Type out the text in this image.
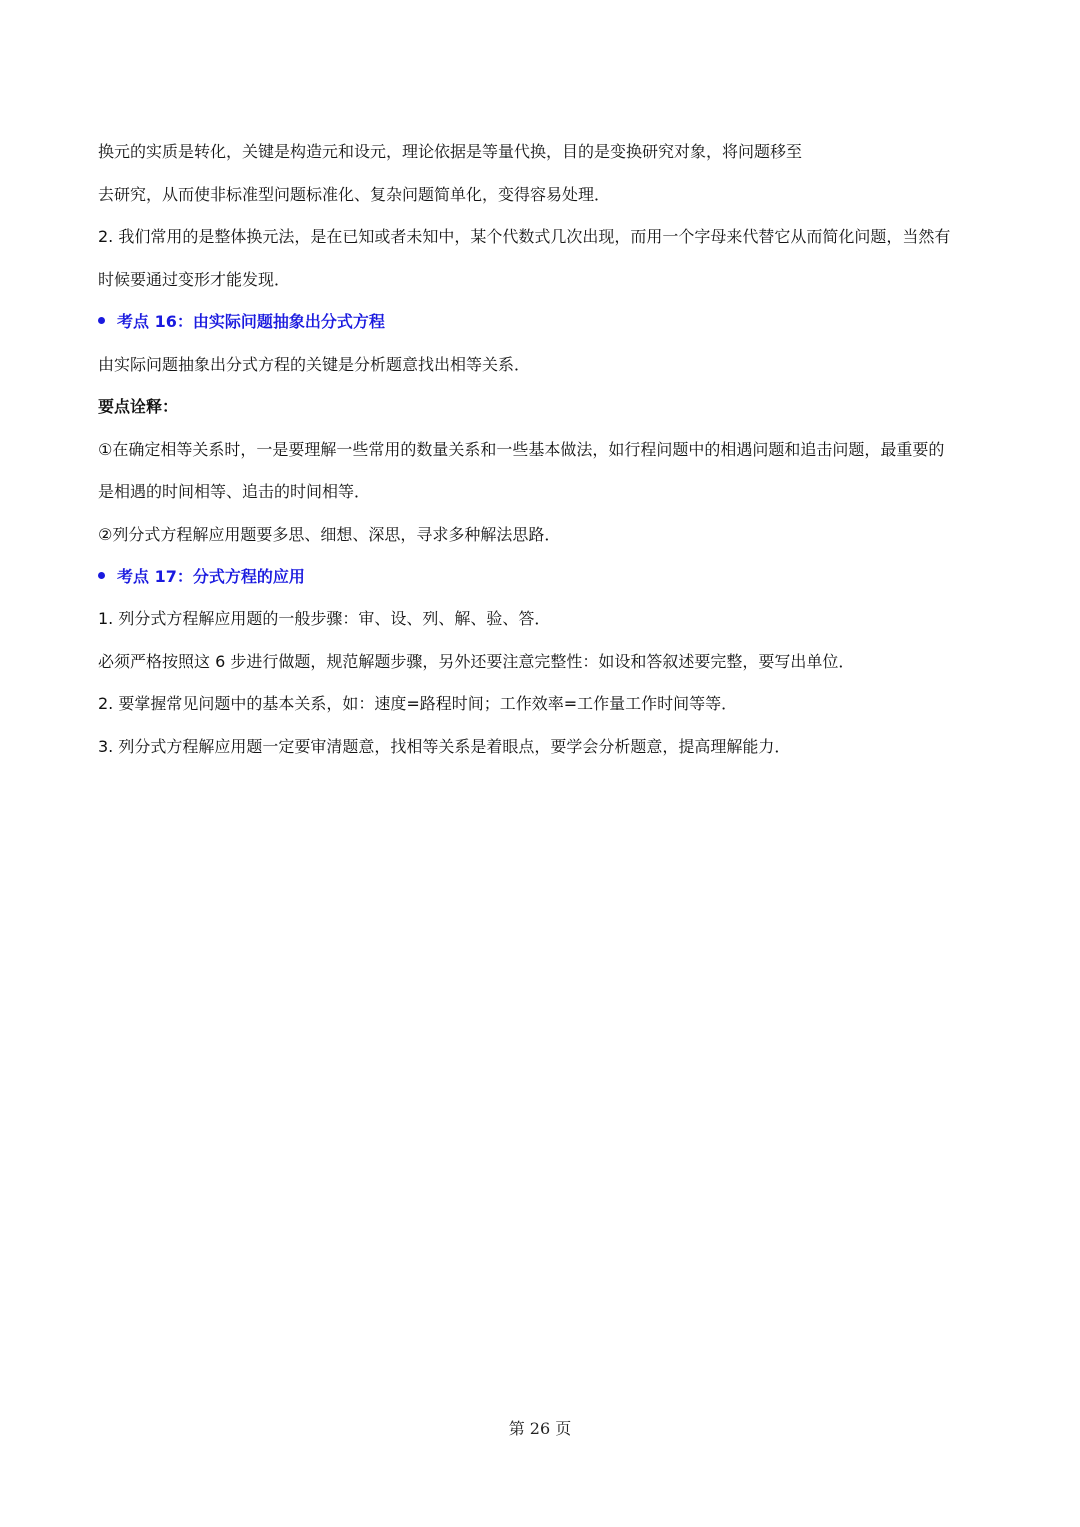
换元的实质是转化，关键是构造元和设元，理论依据是等量代换，目的是变换研究对象，将问题移至
去研究，从而使非标准型问题标准化、复杂问题简单化，变得容易处理．
2. 我们常用的是整体换元法，是在已知或者未知中，某个代数式几次出现，而用一个字母来代替它从而简化问题，当然有
时候要通过变形才能发现．
考点 16：由实际问题抽象出分式方程
由实际问题抽象出分式方程的关键是分析题意找出相等关系．
要点诠释：
①在确定相等关系时，一是要理解一些常用的数量关系和一些基本做法，如行程问题中的相遇问题和追击问题，最重要的
是相遇的时间相等、追击的时间相等．
②列分式方程解应用题要多思、细想、深思，寻求多种解法思路．
考点 17：分式方程的应用
1. 列分式方程解应用题的一般步骤：审、设、列、解、验、答．
必须严格按照这 6 步进行做题，规范解题步骤，另外还要注意完整性：如设和答叙述要完整，要写出单位．
2. 要掌握常见问题中的基本关系，如：速度=路程时间；工作效率=工作量工作时间等等．
3. 列分式方程解应用题一定要审清题意，找相等关系是着眼点，要学会分析题意，提高理解能力．
第 26 页
